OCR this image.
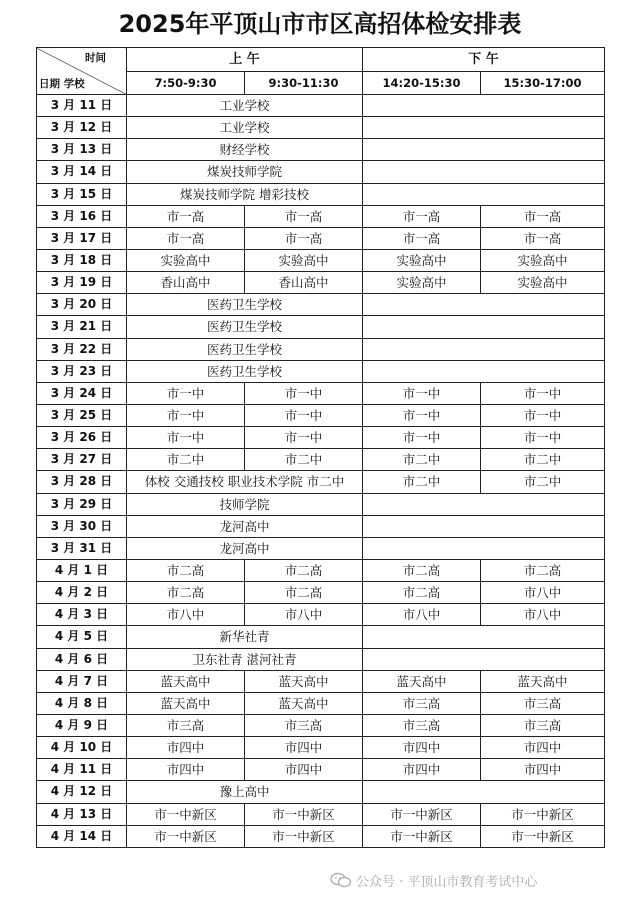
2025年平顶山市市区高招体检安排表
时间
日期 学校	上 午		下 午	
	7:50-9:30	9:30-11:30	14:20-15:30	15:30-17:00
3 月 11 日	工业学校			
3 月 12 日	工业学校			
3 月 13 日	财经学校			
3 月 14 日	煤炭技师学院			
3 月 15 日	煤炭技师学院 增彩技校			
3 月 16 日	市一高	市一高	市一高	市一高
3 月 17 日	市一高	市一高	市一高	市一高
3 月 18 日	实验高中	实验高中	实验高中	实验高中
3 月 19 日	香山高中	香山高中	实验高中	实验高中
3 月 20 日	医药卫生学校			
3 月 21 日	医药卫生学校			
3 月 22 日	医药卫生学校			
3 月 23 日	医药卫生学校			
3 月 24 日	市一中	市一中	市一中	市一中
3 月 25 日	市一中	市一中	市一中	市一中
3 月 26 日	市一中	市一中	市一中	市一中
3 月 27 日	市二中	市二中	市二中	市二中
3 月 28 日	体校 交通技校 职业技术学院 市二中		市二中	市二中
3 月 29 日	技师学院			
3 月 30 日	龙河高中			
3 月 31 日	龙河高中			
4 月 1 日	市二高	市二高	市二高	市二高
4 月 2 日	市二高	市二高	市二高	市八中
4 月 3 日	市八中	市八中	市八中	市八中
4 月 5 日	新华社青			
4 月 6 日	卫东社青 湛河社青			
4 月 7 日	蓝天高中	蓝天高中	蓝天高中	蓝天高中
4 月 8 日	蓝天高中	蓝天高中	市三高	市三高
4 月 9 日	市三高	市三高	市三高	市三高
4 月 10 日	市四中	市四中	市四中	市四中
4 月 11 日	市四中	市四中	市四中	市四中
4 月 12 日	豫上高中			
4 月 13 日	市一中新区	市一中新区	市一中新区	市一中新区
4 月 14 日	市一中新区	市一中新区	市一中新区	市一中新区
公众号 · 平顶山市教育考试中心
